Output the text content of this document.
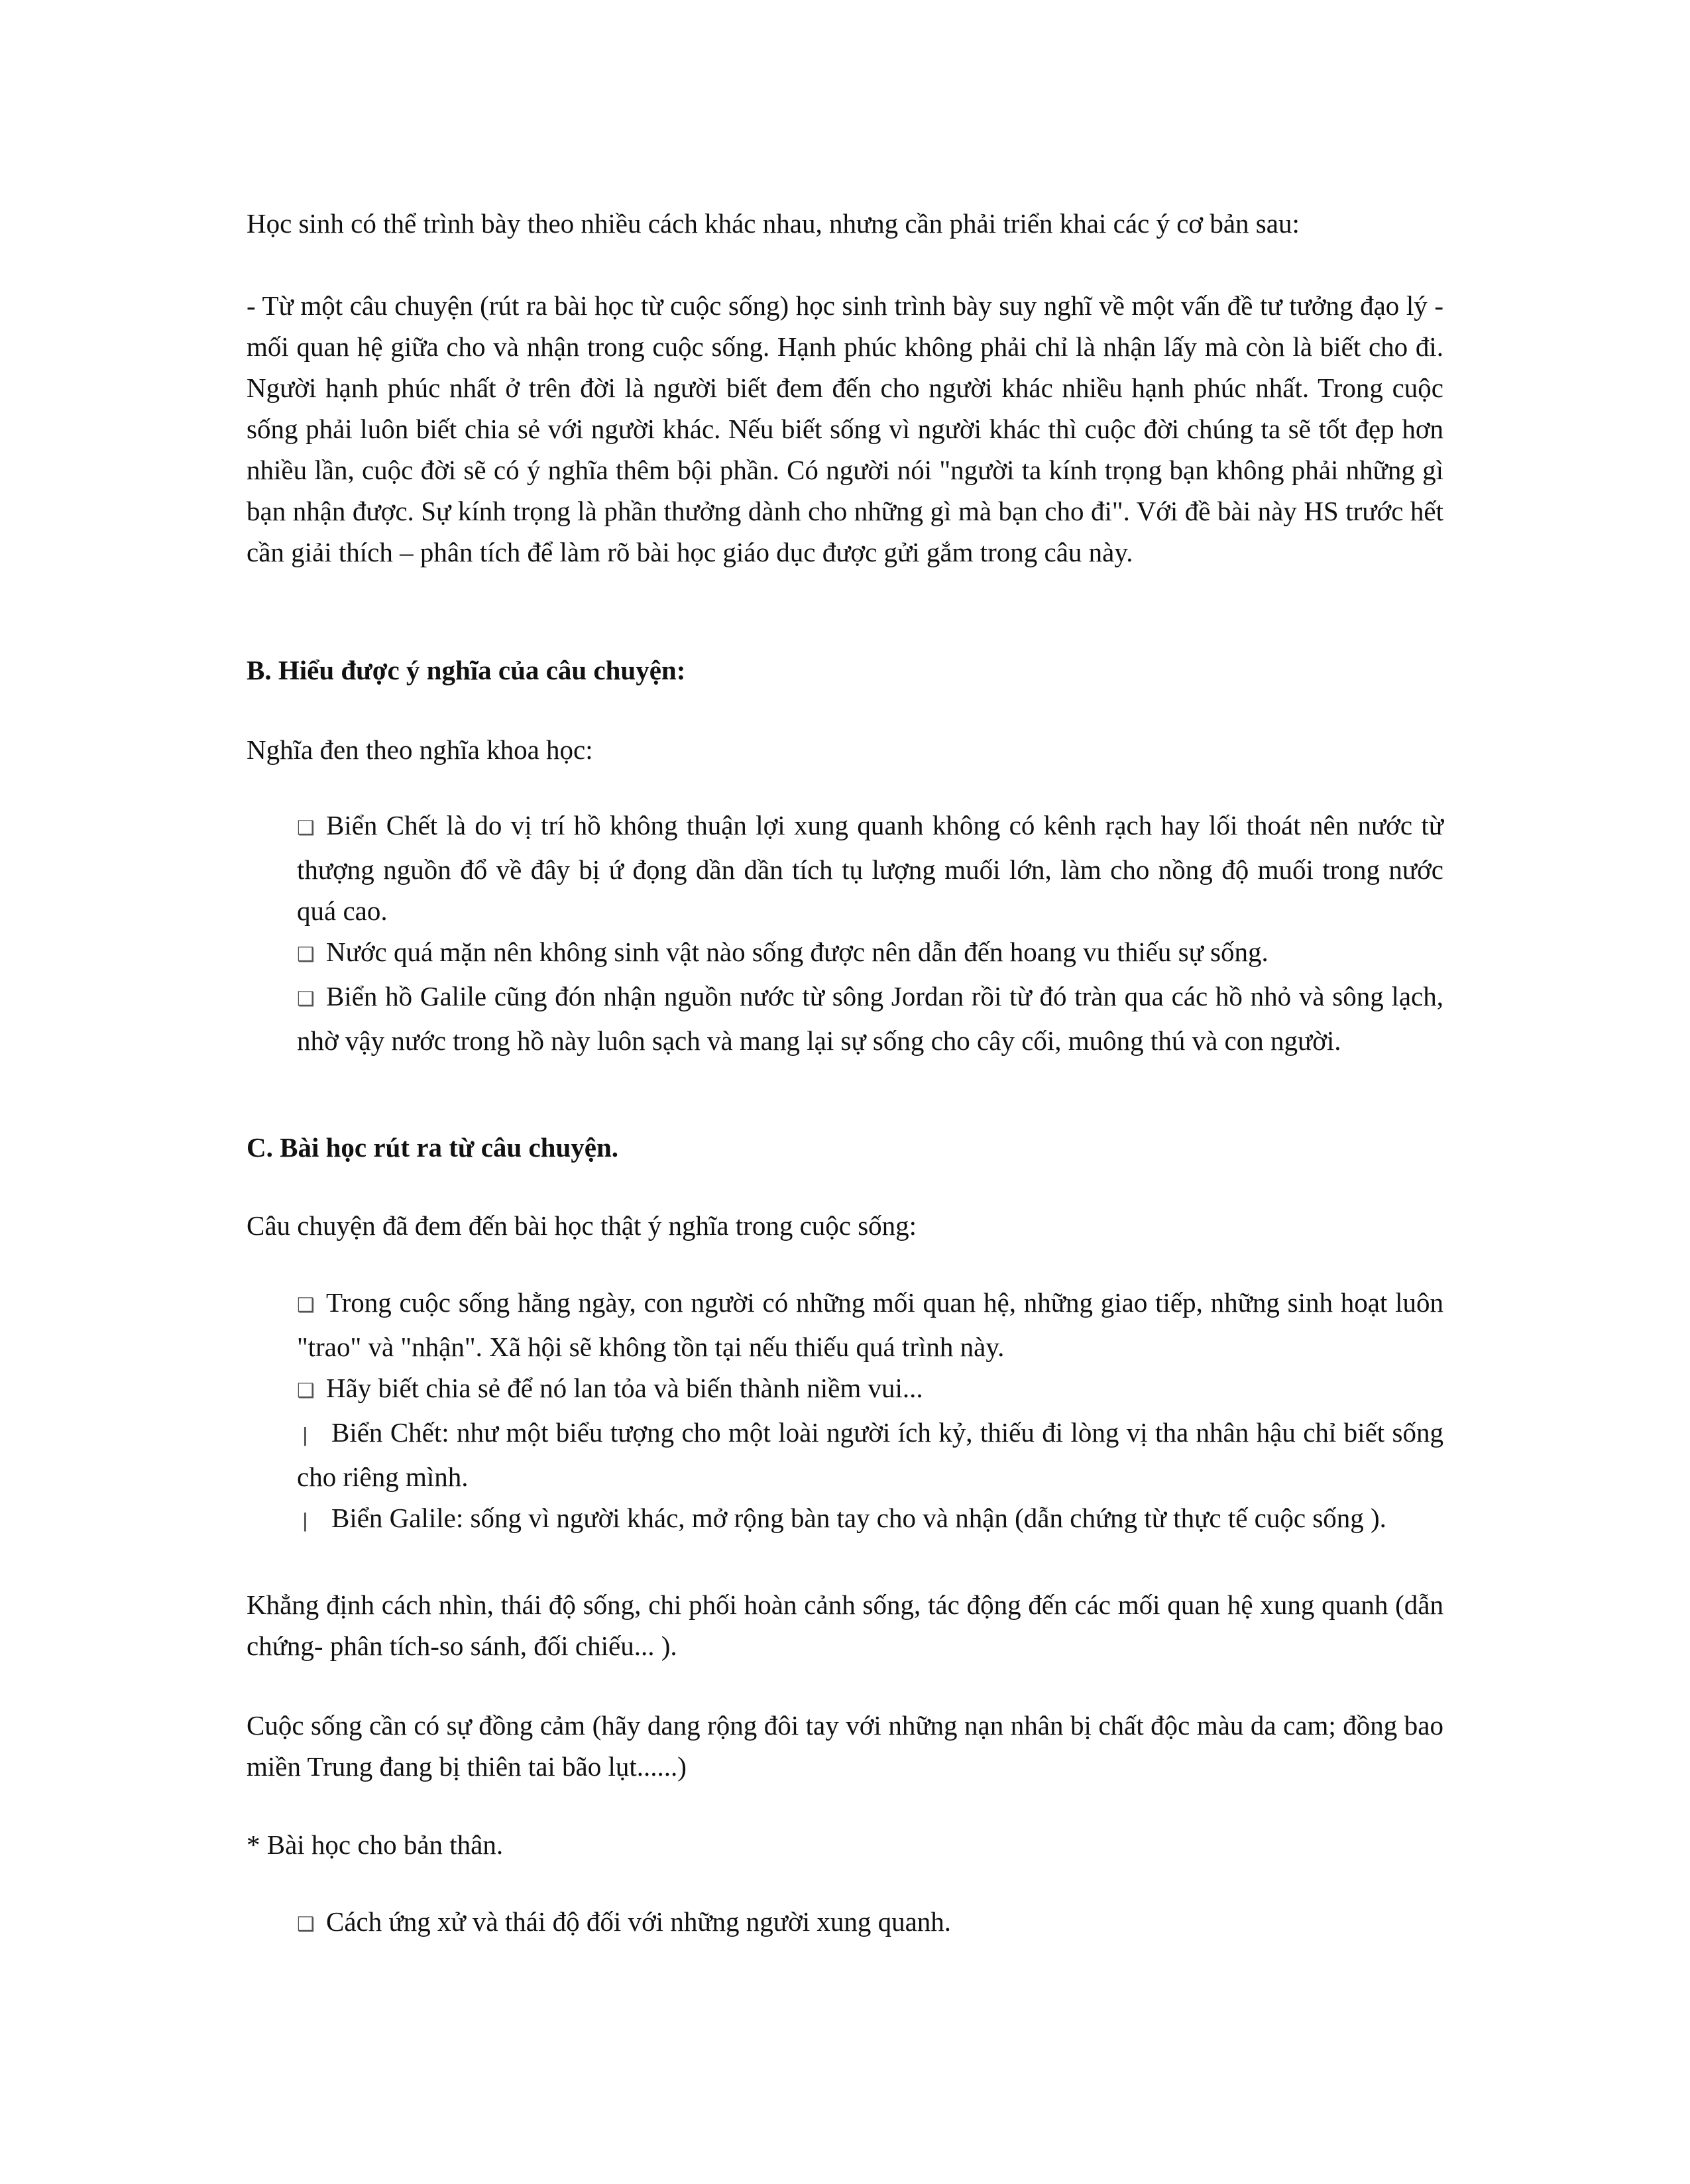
Học sinh có thể trình bày theo nhiều cách khác nhau, nhưng cần phải triển khai các ý cơ bản sau:

- Từ một câu chuyện (rút ra bài học từ cuộc sống) học sinh trình bày suy nghĩ về một vấn đề tư tưởng đạo lý - mối quan hệ giữa cho và nhận trong cuộc sống. Hạnh phúc không phải chỉ là nhận lấy mà còn là biết cho đi. Người hạnh phúc nhất ở trên đời là người biết đem đến cho người khác nhiều hạnh phúc nhất. Trong cuộc sống phải luôn biết chia sẻ với người khác. Nếu biết sống vì người khác thì cuộc đời chúng ta sẽ tốt đẹp hơn nhiều lần, cuộc đời sẽ có ý nghĩa thêm bội phần. Có người nói "người ta kính trọng bạn không phải những gì bạn nhận được. Sự kính trọng là phần thưởng dành cho những gì mà bạn cho đi". Với đề bài này HS trước hết cần giải thích – phân tích để làm rõ bài học giáo dục được gửi gắm trong câu này.

B. Hiểu được ý nghĩa của câu chuyện:

Nghĩa đen theo nghĩa khoa học:

❑ Biển Chết là do vị trí hồ không thuận lợi xung quanh không có kênh rạch hay lối thoát nên nước từ thượng nguồn đổ về đây bị ứ đọng dần dần tích tụ lượng muối lớn, làm cho nồng độ muối trong nước quá cao.
❑ Nước quá mặn nên không sinh vật nào sống được nên dẫn đến hoang vu thiếu sự sống.
❑ Biển hồ Galile cũng đón nhận nguồn nước từ sông Jordan rồi từ đó tràn qua các hồ nhỏ và sông lạch, nhờ vậy nước trong hồ này luôn sạch và mang lại sự sống cho cây cối, muông thú và con người.

C. Bài học rút ra từ câu chuyện.

Câu chuyện đã đem đến bài học thật ý nghĩa trong cuộc sống:

❑ Trong cuộc sống hằng ngày, con người có những mối quan hệ, những giao tiếp, những sinh hoạt luôn "trao" và "nhận". Xã hội sẽ không tồn tại nếu thiếu quá trình này.
❑ Hãy biết chia sẻ để nó lan tỏa và biến thành niềm vui...
ǀ Biển Chết: như một biểu tượng cho một loài người ích kỷ, thiếu đi lòng vị tha nhân hậu chỉ biết sống cho riêng mình.
ǀ Biển Galile: sống vì người khác, mở rộng bàn tay cho và nhận (dẫn chứng từ thực tế cuộc sống ).

Khẳng định cách nhìn, thái độ sống, chi phối hoàn cảnh sống, tác động đến các mối quan hệ xung quanh (dẫn chứng- phân tích-so sánh, đối chiếu... ).

Cuộc sống cần có sự đồng cảm (hãy dang rộng đôi tay với những nạn nhân bị chất độc màu da cam; đồng bao miền Trung đang bị thiên tai bão lụt......)

* Bài học cho bản thân.

❑ Cách ứng xử và thái độ đối với những người xung quanh.
